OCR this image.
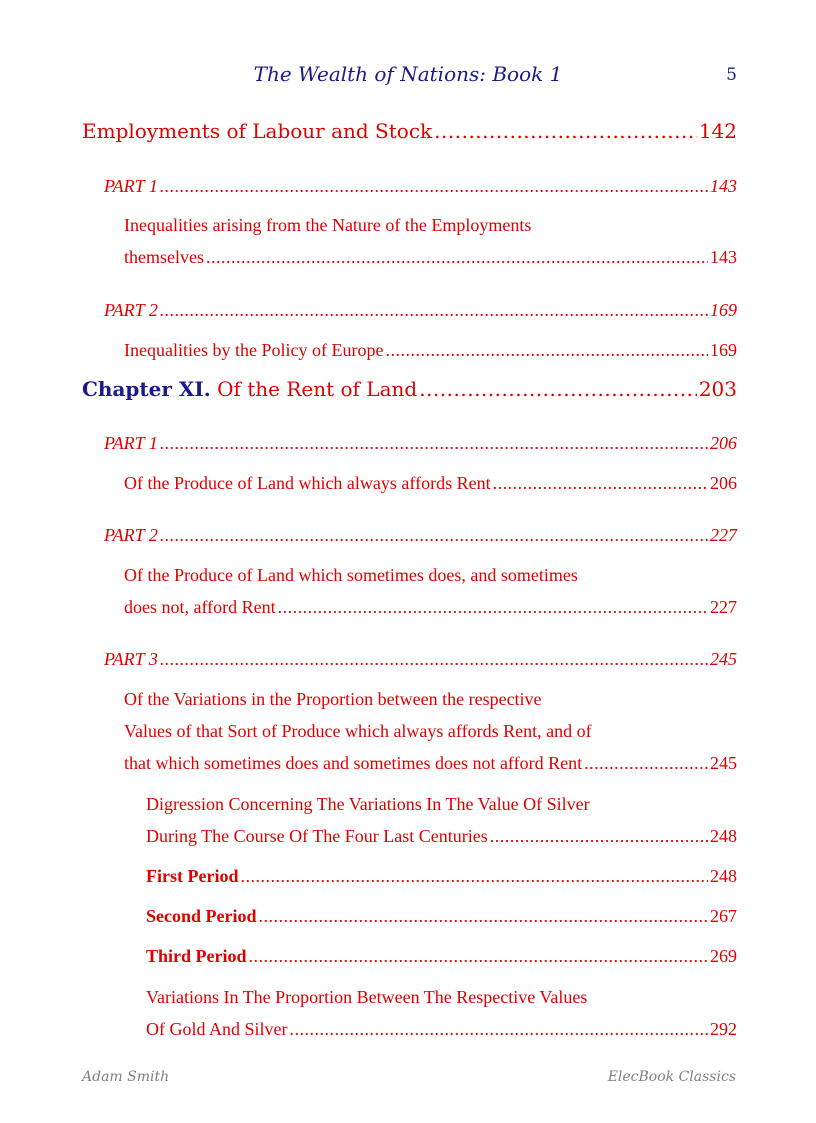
The Wealth of Nations: Book 1	5
Employments of Labour and Stock .....	142
PART 1 .....	143
Inequalities arising from the Nature of the Employments
themselves .....	143
PART 2 .....	169
Inequalities by the Policy of Europe .....	169
Chapter XI. Of the Rent of Land .....	203
PART 1 .....	206
Of the Produce of Land which always affords Rent .....	206
PART 2 .....	227
Of the Produce of Land which sometimes does, and sometimes
does not, afford Rent .....	227
PART 3 .....	245
Of the Variations in the Proportion between the respective
Values of that Sort of Produce which always affords Rent, and of
that which sometimes does and sometimes does not afford Rent .....	245
Digression Concerning The Variations In The Value Of Silver
During The Course Of The Four Last Centuries .....	248
First Period .....	248
Second Period .....	267
Third Period .....	269
Variations In The Proportion Between The Respective Values
Of Gold And Silver .....	292
Adam Smith	ElecBook Classics
